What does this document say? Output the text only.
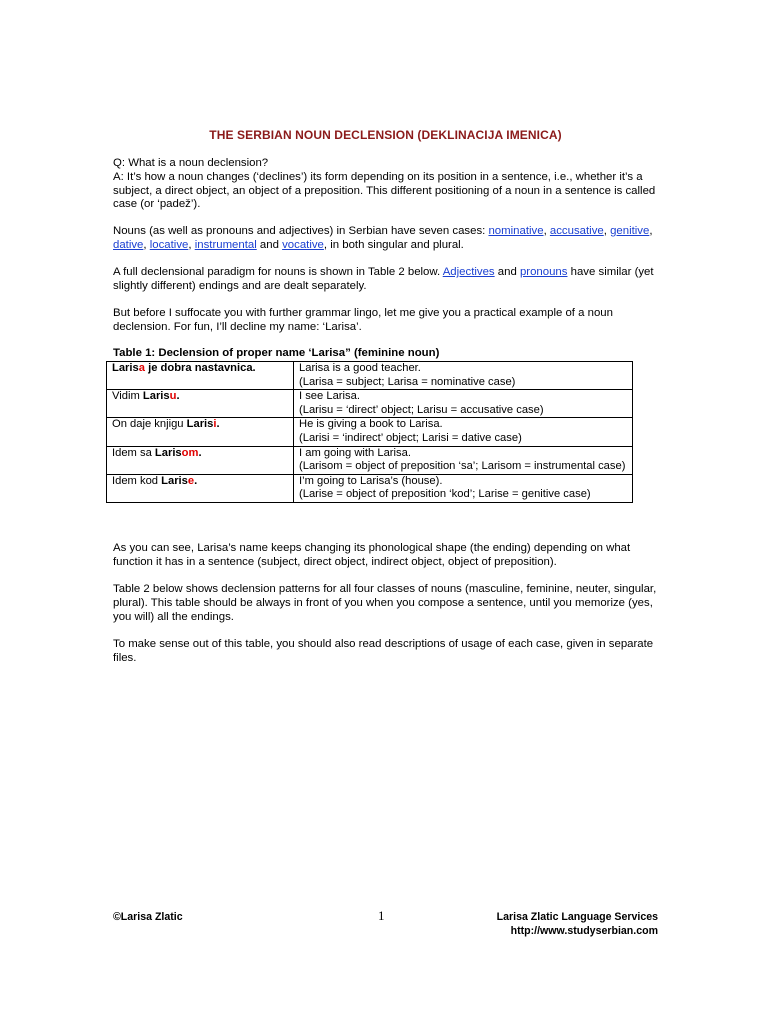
THE SERBIAN NOUN DECLENSION (DEKLINACIJA IMENICA)
Q: What is a noun declension?
A: It’s how a noun changes (‘declines’) its form depending on its position in a sentence, i.e., whether it’s a subject, a direct object, an object of a preposition. This different positioning of a noun in a sentence is called case (or ‘padež’).
Nouns (as well as pronouns and adjectives) in Serbian have seven cases: nominative, accusative, genitive, dative, locative, instrumental and vocative, in both singular and plural.
A full declensional paradigm for nouns is shown in Table 2 below. Adjectives and pronouns have similar (yet slightly different) endings and are dealt separately.
But before I suffocate you with further grammar lingo, let me give you a practical example of a noun declension. For fun, I’ll decline my name: ‘Larisa’.
Table 1: Declension of proper name ‘Larisa” (feminine noun)
Larisa je dobra nastavnica.	Larisa is a good teacher.
(Larisa = subject; Larisa = nominative case)

Vidim Larisu.	I see Larisa.
(Larisu = ‘direct’ object; Larisu = accusative case)

On daje knjigu Larisi.	He is giving a book to Larisa.
(Larisi = ‘indirect’ object; Larisi = dative case)

Idem sa Larisom.	I am going with Larisa.
(Larisom = object of preposition ‘sa’; Larisom = instrumental case)

Idem kod Larise.	I’m going to Larisa’s (house).
(Larise = object of preposition ‘kod’; Larise = genitive case)
As you can see, Larisa’s name keeps changing its phonological shape (the ending) depending on what function it has in a sentence (subject, direct object, indirect object, object of preposition).
Table 2 below shows declension patterns for all four classes of nouns (masculine, feminine, neuter, singular, plural). This table should be always in front of you when you compose a sentence, until you memorize (yes, you will) all the endings.
To make sense out of this table, you should also read descriptions of usage of each case, given in separate files.
©Larisa Zlatic	1	Larisa Zlatic Language Services
http://www.studyserbian.com
